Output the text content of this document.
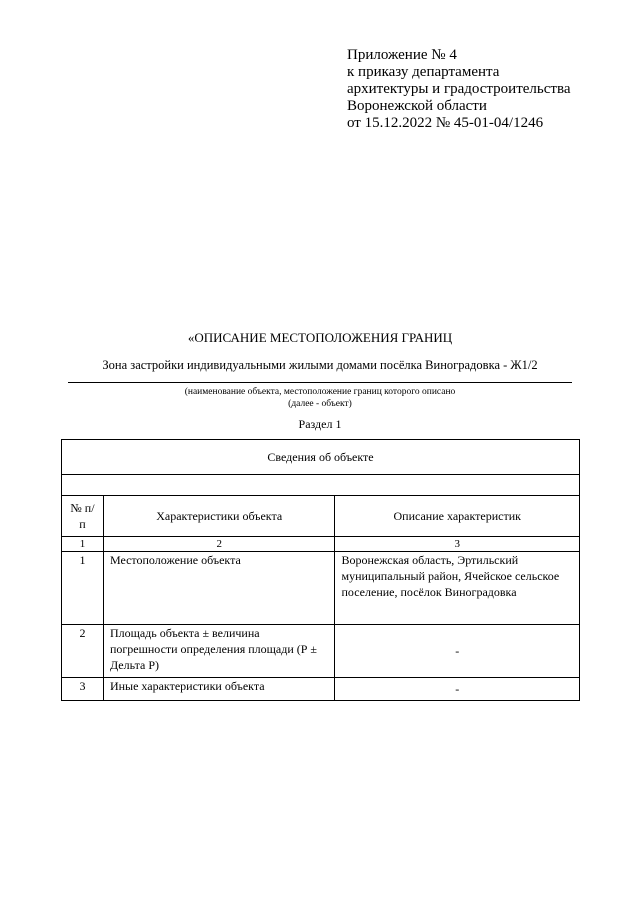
Приложение № 4
к приказу департамента
архитектуры и градостроительства
Воронежской области
от 15.12.2022 № 45-01-04/1246
«ОПИСАНИЕ МЕСТОПОЛОЖЕНИЯ ГРАНИЦ
Зона застройки индивидуальными жилыми домами посёлка Виноградовка - Ж1/2
(наименование объекта, местоположение границ которого описано
(далее - объект)
Раздел 1
Сведения об объекте		

№ п/п	Характеристики объекта	Описание характеристик
1	2	3
1	Местоположение объекта	Воронежская область, Эртильский муниципальный район, Ячейское сельское поселение, посёлок Виноградовка
2	Площадь объекта ± величина погрешности определения площади (Р ± Дельта Р)	-
3	Иные характеристики объекта	-
